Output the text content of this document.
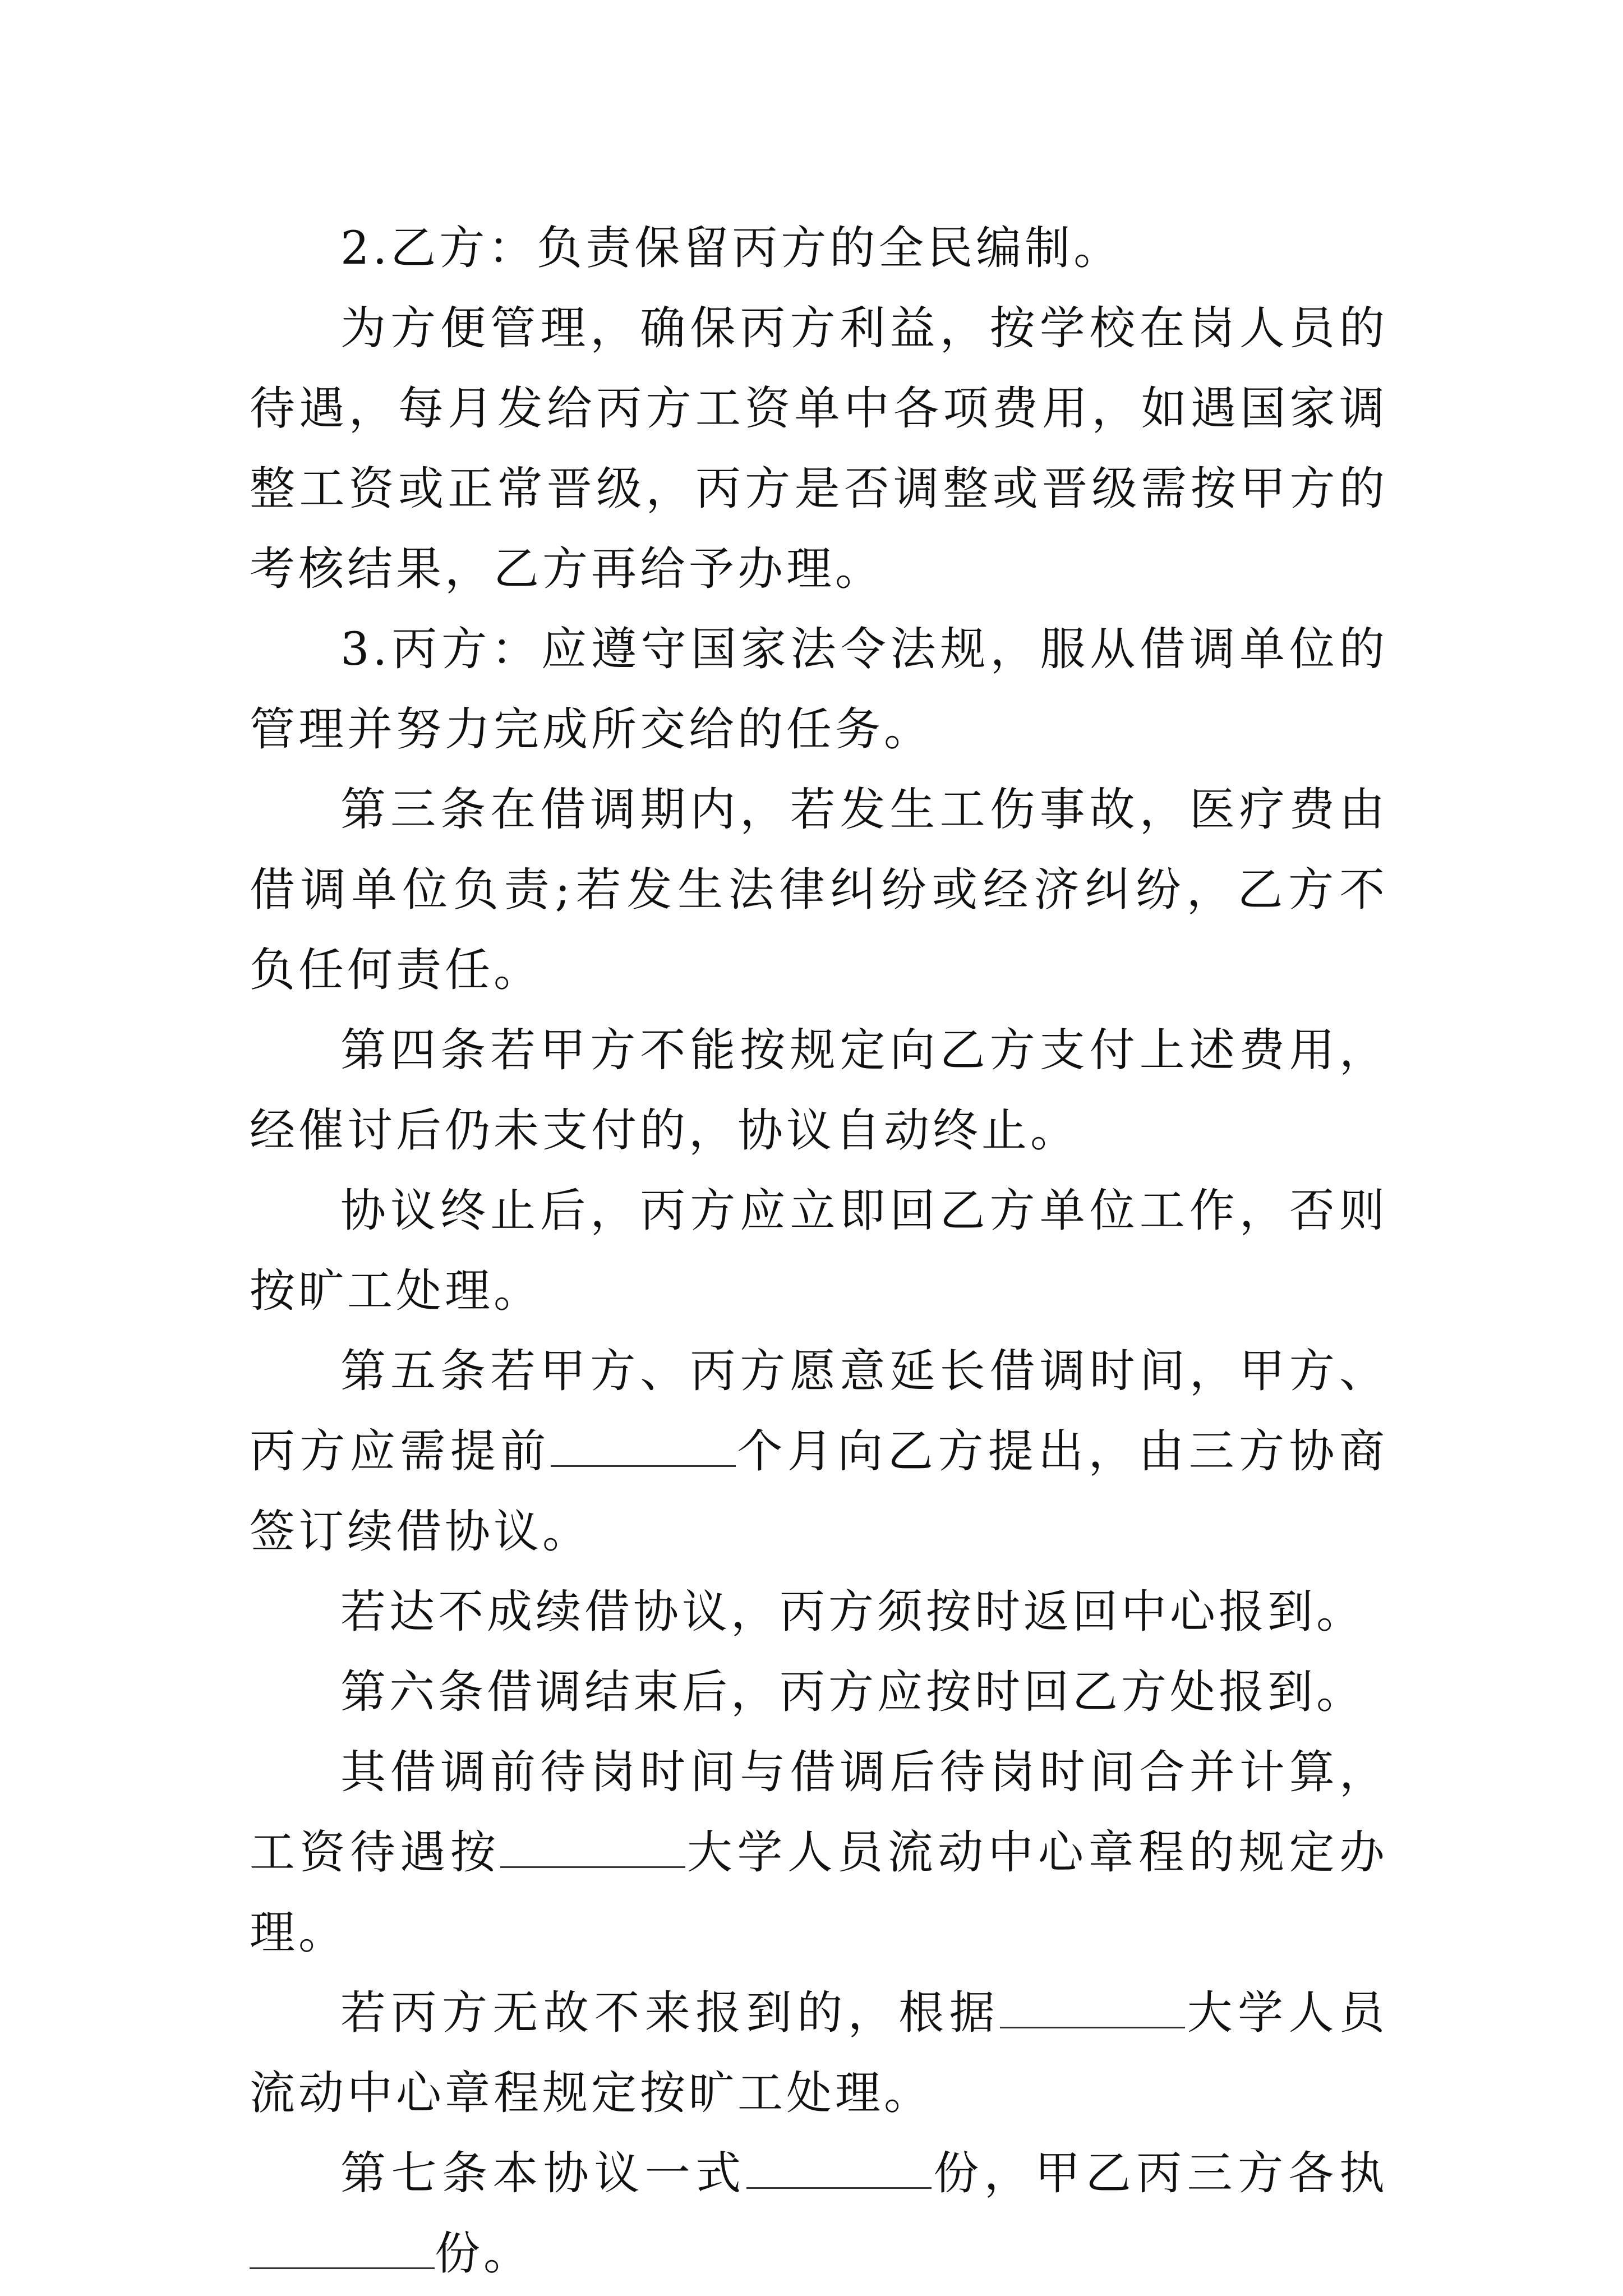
2.乙方：负责保留丙方的全民编制。

为方便管理，确保丙方利益，按学校在岗人员的待遇，每月发给丙方工资单中各项费用，如遇国家调整工资或正常晋级，丙方是否调整或晋级需按甲方的考核结果，乙方再给予办理。

3.丙方：应遵守国家法令法规，服从借调单位的管理并努力完成所交给的任务。

第三条在借调期内，若发生工伤事故，医疗费由借调单位负责;若发生法律纠纷或经济纠纷，乙方不负任何责任。

第四条若甲方不能按规定向乙方支付上述费用，经催讨后仍未支付的，协议自动终止。

协议终止后，丙方应立即回乙方单位工作，否则按旷工处理。

第五条若甲方、丙方愿意延长借调时间，甲方、丙方应需提前	个月向乙方提出，由三方协商签订续借协议。

若达不成续借协议，丙方须按时返回中心报到。

第六条借调结束后，丙方应按时回乙方处报到。

其借调前待岗时间与借调后待岗时间合并计算，工资待遇按	大学人员流动中心章程的规定办理。

若丙方无故不来报到的，根据	大学人员流动中心章程规定按旷工处理。

第七条本协议一式	份，甲乙丙三方各执份。
